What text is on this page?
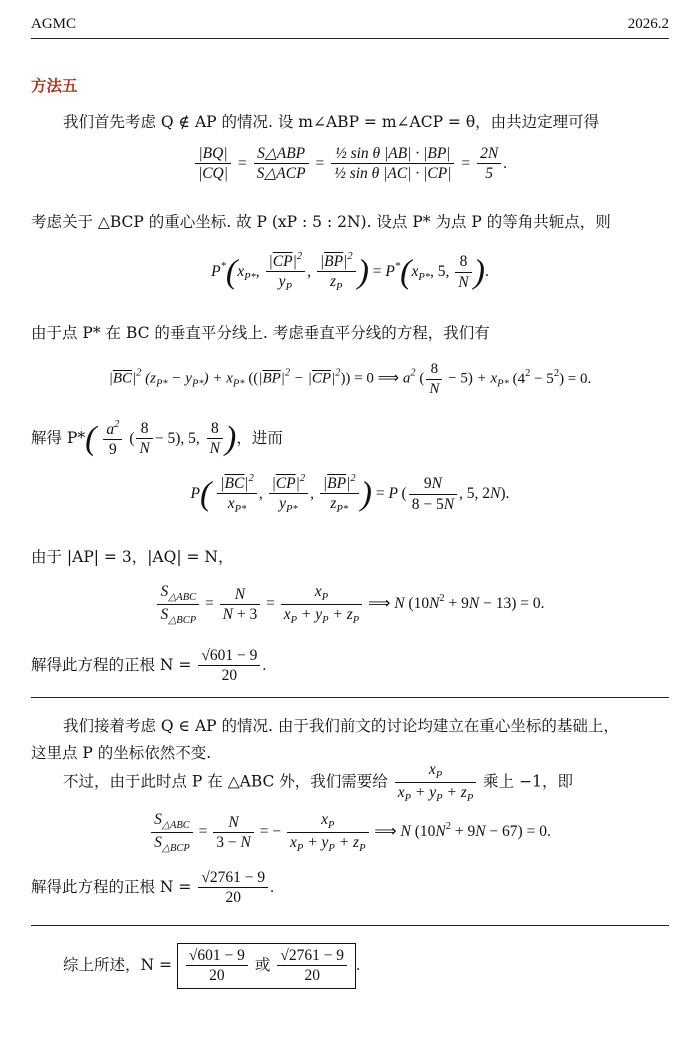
AGMC	2026.2
方法五
我们首先考虑 Q ∉ AP 的情况. 设 m∠ABP = m∠ACP = θ，由共边定理可得
$\frac{|BQ|}{|CQ|}$ =
S△ABP
S△ACP
= $\frac{\text{½ sin θ |AB| · |BP|}}{\text{½ sin θ |AC| · |CP|}} = \frac{2N}{5}$ .
考虑关于 △BCP 的重心坐标. 故 P (xP : 5 : 2N). 设点 P* 为点 P 的等角共轭点，则
$P^*(x_{P*}$, $\frac{|\overline{CP}|^2}{y_P}$ , $\frac{|\overline{BP}|^2}{z_P}$ ) = $P^*(x_{P*}$, 5, $\frac{8}{N}$ ).
由于点 P* 在 BC 的垂直平分线上. 考虑垂直平分线的方程，我们有
$|\overline{BC}|^2$ $(z_{P*} - y_{P*}) + x_{P*}$ $((|\overline{BP}|^2 - |\overline{CP}|^2)) = 0$ ⟹ $a^2$ ( $\frac{8}{N} - 5) + x_{P*}$ $(4^2 - 5^2) = 0$.
解得 $P*( \frac{a^2}{9}$ ( $\frac{8}{N} - 5$), 5, $\frac{8}{N}$ )，进而
$P( \frac{|\overline{BC}|^2}{x_{P*}}$ , $\frac{|\overline{CP}|^2}{y_{P*}}$ , $\frac{|\overline{BP}|^2}{z_{P*}}$ ) = P ( $\frac{9N}{8 - 5N}$ , 5, 2N).
由于 |AP| = 3，|AQ| = N，
$S_{\triangle ABC}$
$S_{\triangle BCP}$
= $\frac{N}{N + 3} = \frac{x_P}{x_P + y_P + z_P}$ ⟹ N $(10N^2 + 9N - 13) = 0$.
解得此方程的正根 $N = \frac{√601 - 9}{20}$ .
我们接着考虑 Q ∈ AP 的情况. 由于我们前文的讨论均建立在重心坐标的基础上，
这里点 P 的坐标依然不变.
不过，由于此时点 P 在 △ABC 外，我们需要给 $\frac{x_P}{x_P + y_P + z_P}$ 乘上 −1，即
$S_{\triangle ABC}$
$S_{\triangle BCP}$
= $\frac{N}{3 - N}$ = − $\frac{x_P}{x_P + y_P + z_P}$ ⟹ N $(10N^2 + 9N - 67) = 0$.
解得此方程的正根 $N = \frac{√2761 - 9}{20}$ .
综上所述，$N = \frac{√601 - 9}{20}$ 或 $\frac{√2761 - 9}{20}$ .
